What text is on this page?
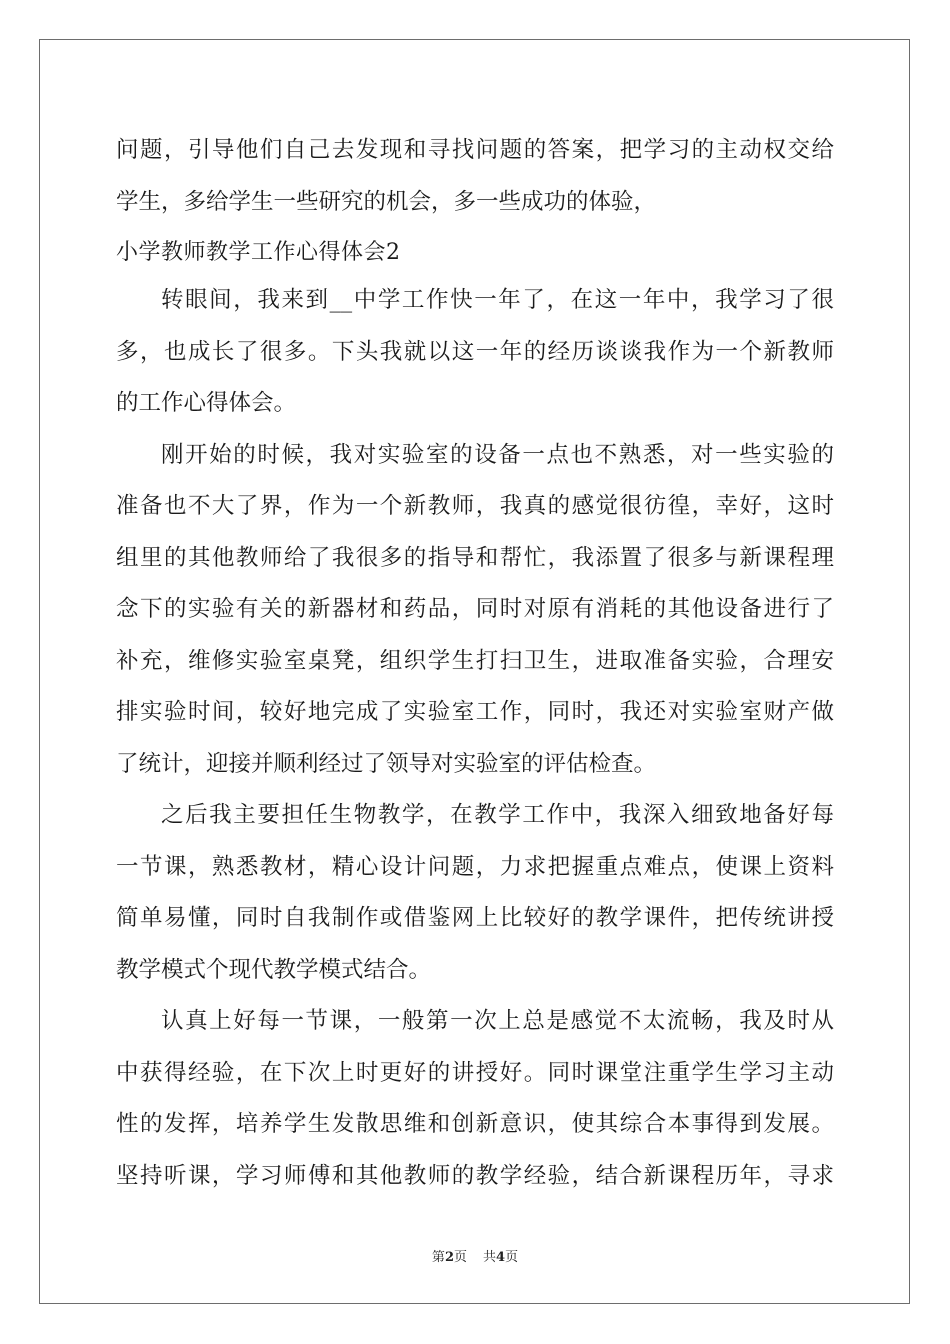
问题，引导他们自己去发现和寻找问题的答案，把学习的主动权交给
学生，多给学生一些研究的机会，多一些成功的体验，
小学教师教学工作心得体会2
转眼间，我来到__中学工作快一年了，在这一年中，我学习了很
多，也成长了很多。下头我就以这一年的经历谈谈我作为一个新教师
的工作心得体会。
刚开始的时候，我对实验室的设备一点也不熟悉，对一些实验的
准备也不大了界，作为一个新教师，我真的感觉很彷徨，幸好，这时
组里的其他教师给了我很多的指导和帮忙，我添置了很多与新课程理
念下的实验有关的新器材和药品，同时对原有消耗的其他设备进行了
补充，维修实验室桌凳，组织学生打扫卫生，进取准备实验，合理安
排实验时间，较好地完成了实验室工作，同时，我还对实验室财产做
了统计，迎接并顺利经过了领导对实验室的评估检查。
之后我主要担任生物教学，在教学工作中，我深入细致地备好每
一节课，熟悉教材，精心设计问题，力求把握重点难点，使课上资料
简单易懂，同时自我制作或借鉴网上比较好的教学课件，把传统讲授
教学模式个现代教学模式结合。
认真上好每一节课，一般第一次上总是感觉不太流畅，我及时从
中获得经验，在下次上时更好的讲授好。同时课堂注重学生学习主动
性的发挥，培养学生发散思维和创新意识，使其综合本事得到发展。
坚持听课，学习师傅和其他教师的教学经验，结合新课程历年，寻求
第2页 共4页
